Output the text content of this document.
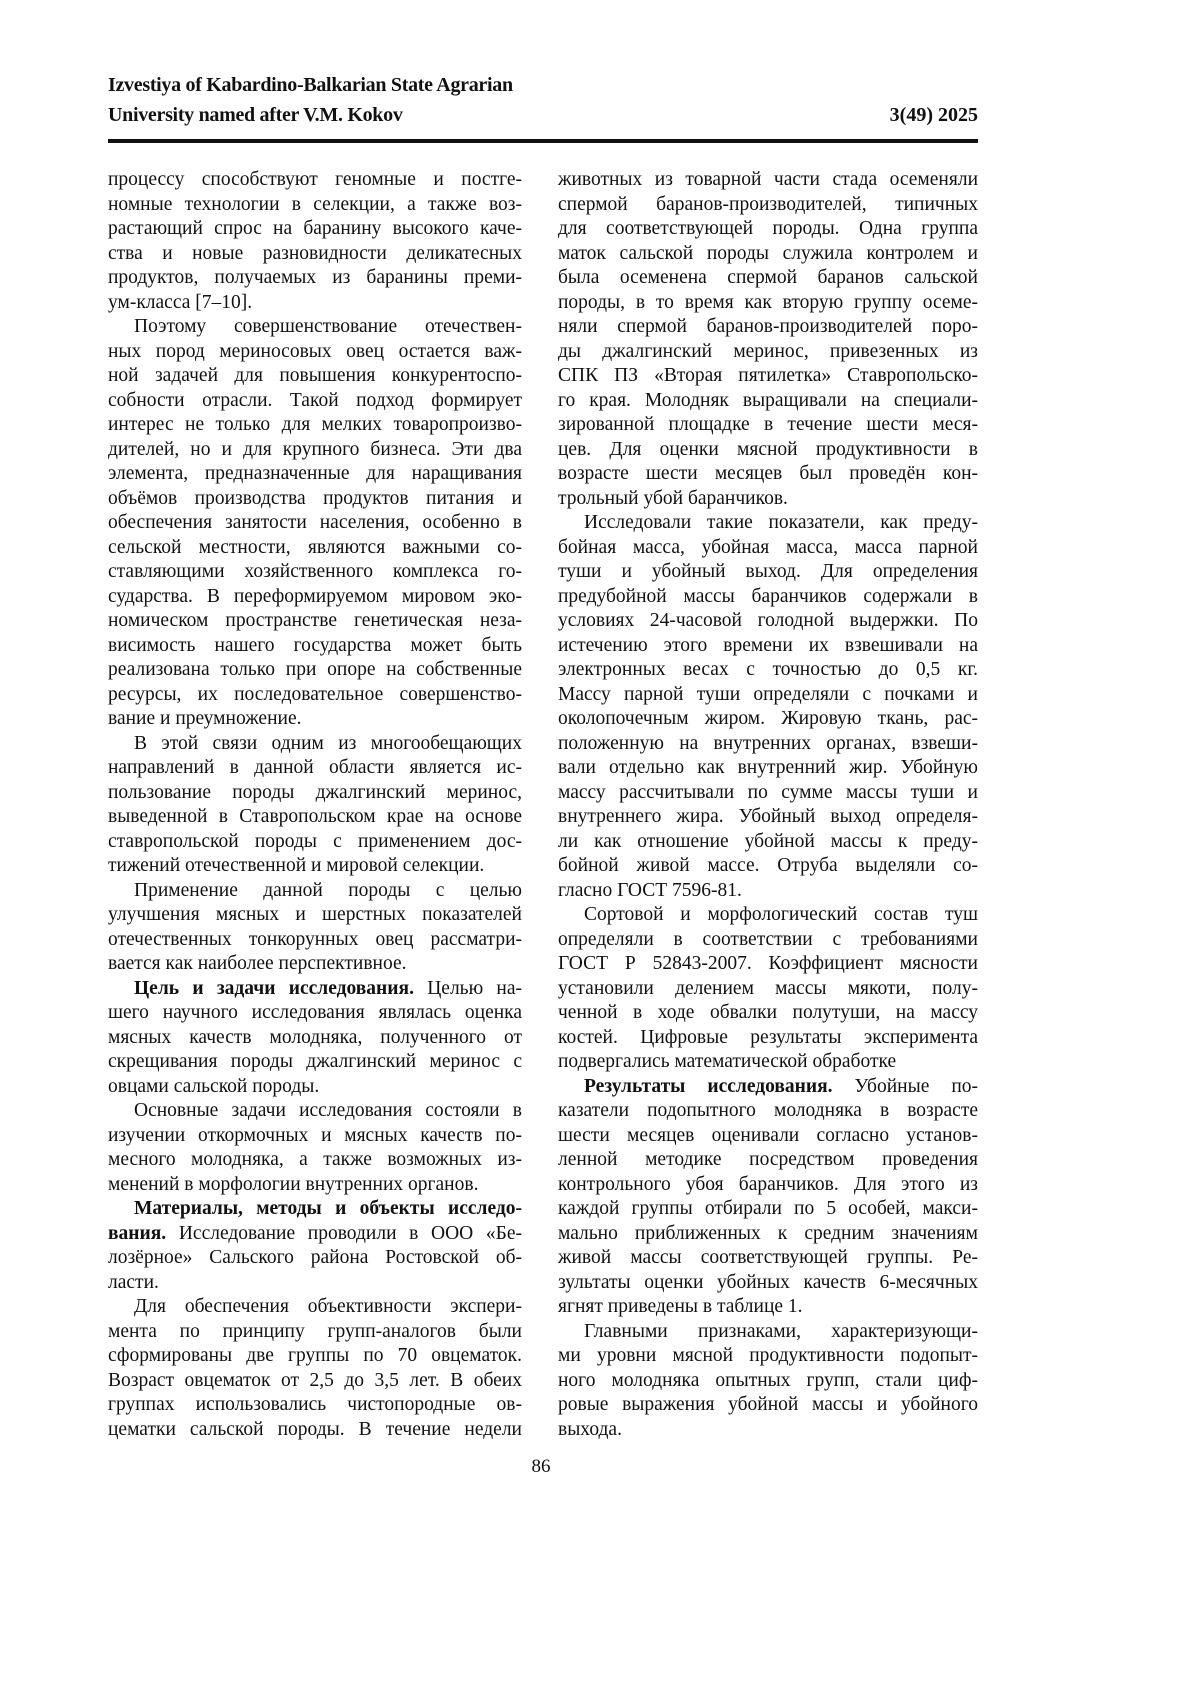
Izvestiya of Kabardino-Balkarian State Agrarian
University named after V.M. Kokov	3(49) 2025
процессу способствуют геномные и постге-
номные технологии в селекции, а также воз-
растающий спрос на баранину высокого каче-
ства и новые разновидности деликатесных
продуктов, получаемых из баранины преми-
ум-класса [7–10].
Поэтому совершенствование отечествен-
ных пород мериносовых овец остается важ-
ной задачей для повышения конкурентоспо-
собности отрасли. Такой подход формирует
интерес не только для мелких товаропроизво-
дителей, но и для крупного бизнеса. Эти два
элемента, предназначенные для наращивания
объёмов производства продуктов питания и
обеспечения занятости населения, особенно в
сельской местности, являются важными со-
ставляющими хозяйственного комплекса го-
сударства. В переформируемом мировом эко-
номическом пространстве генетическая неза-
висимость нашего государства может быть
реализована только при опоре на собственные
ресурсы, их последовательное совершенство-
вание и преумножение.
В этой связи одним из многообещающих
направлений в данной области является ис-
пользование породы джалгинский меринос,
выведенной в Ставропольском крае на основе
ставропольской породы с применением дос-
тижений отечественной и мировой селекции.
Применение данной породы с целью
улучшения мясных и шерстных показателей
отечественных тонкорунных овец рассматри-
вается как наиболее перспективное.
Цель и задачи исследования. Целью на-
шего научного исследования являлась оценка
мясных качеств молодняка, полученного от
скрещивания породы джалгинский меринос с
овцами сальской породы.
Основные задачи исследования состояли в
изучении откормочных и мясных качеств по-
месного молодняка, а также возможных из-
менений в морфологии внутренних органов.
Материалы, методы и объекты исследо-
вания. Исследование проводили в ООО «Бе-
лозёрное» Сальского района Ростовской об-
ласти.
Для обеспечения объективности экспери-
мента по принципу групп-аналогов были
сформированы две группы по 70 овцематок.
Возраст овцематок от 2,5 до 3,5 лет. В обеих
группах использовались чистопородные ов-
цематки сальской породы. В течение недели
животных из товарной части стада осеменяли
спермой баранов-производителей, типичных
для соответствующей породы. Одна группа
маток сальской породы служила контролем и
была осеменена спермой баранов сальской
породы, в то время как вторую группу осеме-
няли спермой баранов-производителей поро-
ды джалгинский меринос, привезенных из
СПК ПЗ «Вторая пятилетка» Ставропольско-
го края. Молодняк выращивали на специали-
зированной площадке в течение шести меся-
цев. Для оценки мясной продуктивности в
возрасте шести месяцев был проведён кон-
трольный убой баранчиков.
Исследовали такие показатели, как преду-
бойная масса, убойная масса, масса парной
туши и убойный выход. Для определения
предубойной массы баранчиков содержали в
условиях 24-часовой голодной выдержки. По
истечению этого времени их взвешивали на
электронных весах с точностью до 0,5 кг.
Массу парной туши определяли с почками и
околопочечным жиром. Жировую ткань, рас-
положенную на внутренних органах, взвеши-
вали отдельно как внутренний жир. Убойную
массу рассчитывали по сумме массы туши и
внутреннего жира. Убойный выход определя-
ли как отношение убойной массы к преду-
бойной живой массе. Отруба выделяли со-
гласно ГОСТ 7596-81.
Сортовой и морфологический состав туш
определяли в соответствии с требованиями
ГОСТ Р 52843-2007. Коэффициент мясности
установили делением массы мякоти, полу-
ченной в ходе обвалки полутуши, на массу
костей. Цифровые результаты эксперимента
подвергались математической обработке
Результаты исследования. Убойные по-
казатели подопытного молодняка в возрасте
шести месяцев оценивали согласно установ-
ленной методике посредством проведения
контрольного убоя баранчиков. Для этого из
каждой группы отбирали по 5 особей, макси-
мально приближенных к средним значениям
живой массы соответствующей группы. Ре-
зультаты оценки убойных качеств 6-месячных
ягнят приведены в таблице 1.
Главными признаками, характеризующи-
ми уровни мясной продуктивности подопыт-
ного молодняка опытных групп, стали циф-
ровые выражения убойной массы и убойного
выхода.
86
